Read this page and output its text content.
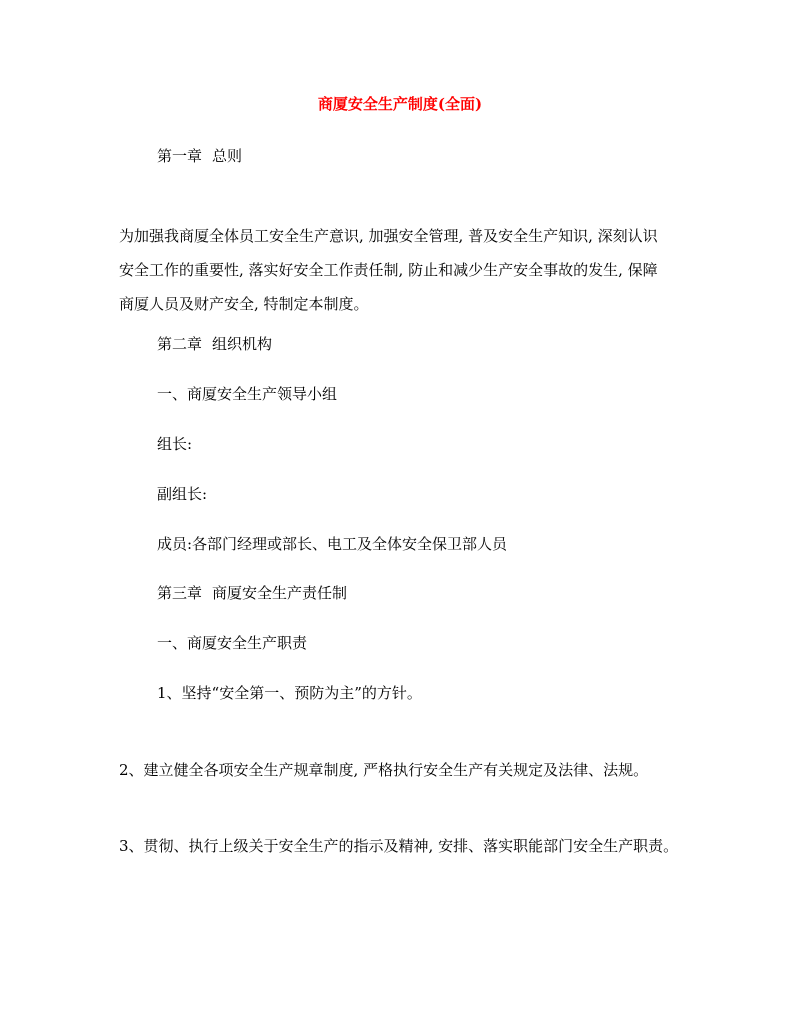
商厦安全生产制度(全面)
第一章 总则
为加强我商厦全体员工安全生产意识, 加强安全管理, 普及安全生产知识, 深刻认识
安全工作的重要性, 落实好安全工作责任制, 防止和减少生产安全事故的发生, 保障
商厦人员及财产安全, 特制定本制度。
第二章 组织机构
一、商厦安全生产领导小组
组长:
副组长:
成员:各部门经理或部长、电工及全体安全保卫部人员
第三章 商厦安全生产责任制
一、商厦安全生产职责
1、坚持“安全第一、预防为主”的方针。
2、建立健全各项安全生产规章制度, 严格执行安全生产有关规定及法律、法规。
3、贯彻、执行上级关于安全生产的指示及精神, 安排、落实职能部门安全生产职责。
